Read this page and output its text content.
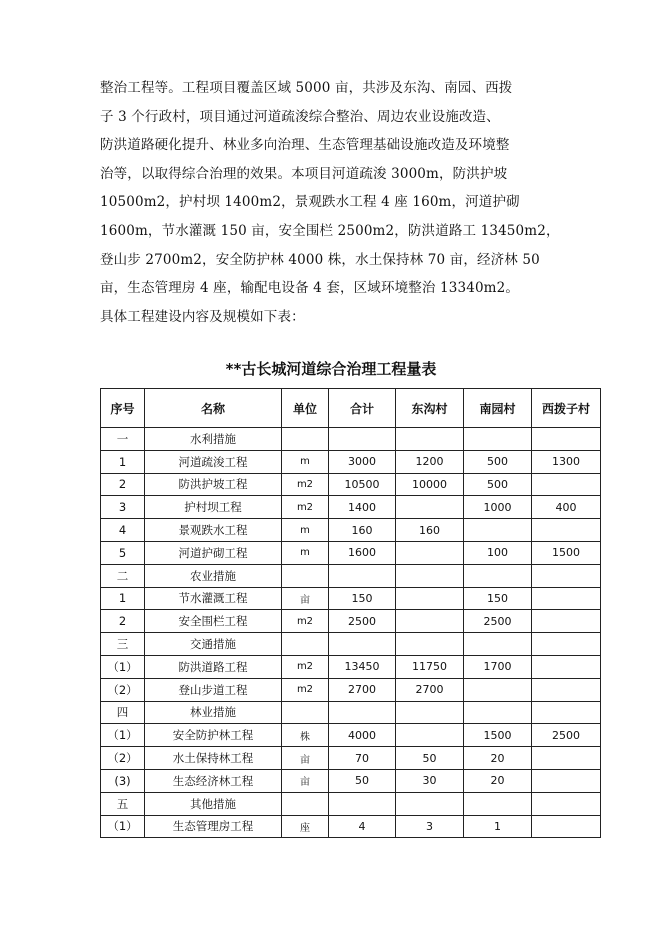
整治工程等。工程项目覆盖区域 5000 亩，共涉及东沟、南园、西拨
子 3 个行政村，项目通过河道疏浚综合整治、周边农业设施改造、
防洪道路硬化提升、林业多向治理、生态管理基础设施改造及环境整
治等，以取得综合治理的效果。本项目河道疏浚 3000m，防洪护坡
10500m2，护村坝 1400m2，景观跌水工程 4 座 160m，河道护砌
1600m，节水灌溉 150 亩，安全围栏 2500m2，防洪道路工 13450m2，
登山步 2700m2，安全防护林 4000 株，水土保持林 70 亩，经济林 50
亩，生态管理房 4 座，输配电设备 4 套，区域环境整治 13340m2。
具体工程建设内容及规模如下表：
**古长城河道综合治理工程量表
序号	名称	单位	合计	东沟村	南园村	西拨子村
一	水利措施					
1	河道疏浚工程	m	3000	1200	500	1300
2	防洪护坡工程	m2	10500	10000	500	
3	护村坝工程	m2	1400		1000	400
4	景观跌水工程	m	160	160		
5	河道护砌工程	m	1600		100	1500
二	农业措施					
1	节水灌溉工程	亩	150		150	
2	安全围栏工程	m2	2500		2500	
三	交通措施					
（1）	防洪道路工程	m2	13450	11750	1700	
（2）	登山步道工程	m2	2700	2700		
四	林业措施					
（1）	安全防护林工程	株	4000		1500	2500
（2）	水土保持林工程	亩	70	50	20	
(3)	生态经济林工程	亩	50	30	20	
五	其他措施					
（1）	生态管理房工程	座	4	3	1	
